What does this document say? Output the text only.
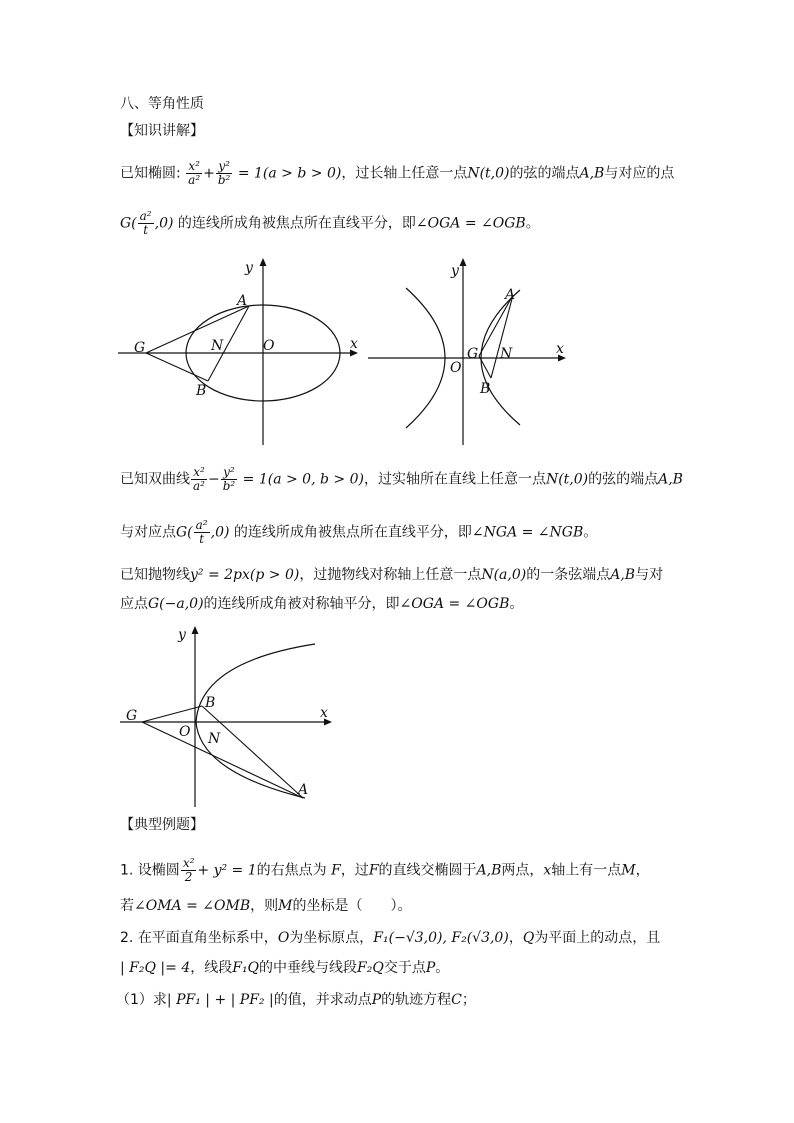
八、等角性质
【知识讲解】
已知椭圆: $\frac{\text{x²}}{\text{a²}} + \frac{\text{y²}}{\text{b²}} = 1(a > b > 0)$，过长轴上任意一点N(t,0)的弦的端点A,B与对应的点
$G( \frac{\text{a²}}{t} ,0)$ 的连线所成角被焦点所在直线平分，即∠OGA = ∠OGB。
x
y
A
B
G	N	O	x
y
A
B
G N
O
已知双曲线 $\frac{\text{x²}}{\text{a²}} - \frac{\text{y²}}{\text{b²}} = 1(a > 0$, b > 0)，过实轴所在直线上任意一点N(t,0)的弦的端点A,B
与对应点$G( \frac{\text{a²}}{t} ,0)$ 的连线所成角被焦点所在直线平分，即∠NGA = ∠NGB。
已知抛物线y² = 2px(p > 0)，过抛物线对称轴上任意一点N(a,0)的一条弦端点A,B与对
应点G(−a,0)的连线所成角被对称轴平分，即∠OGA = ∠OGB。
x
y
A
B
G
N
O
【典型例题】
1. 设椭圆 $\frac{\text{x²}}{2} + y^2 = 1$的右焦点为 F，过F的直线交椭圆于A,B两点，x轴上有一点M，
若∠OMA = ∠OMB，则M的坐标是（　　）。
2. 在平面直角坐标系中，O为坐标原点，F₁(−√3,0), F₂(√3,0)，Q为平面上的动点，且
| F₂Q |= 4，线段F₁Q的中垂线与线段F₂Q交于点P。
（1）求| PF₁ | + | PF₂ |的值，并求动点P的轨迹方程C；
